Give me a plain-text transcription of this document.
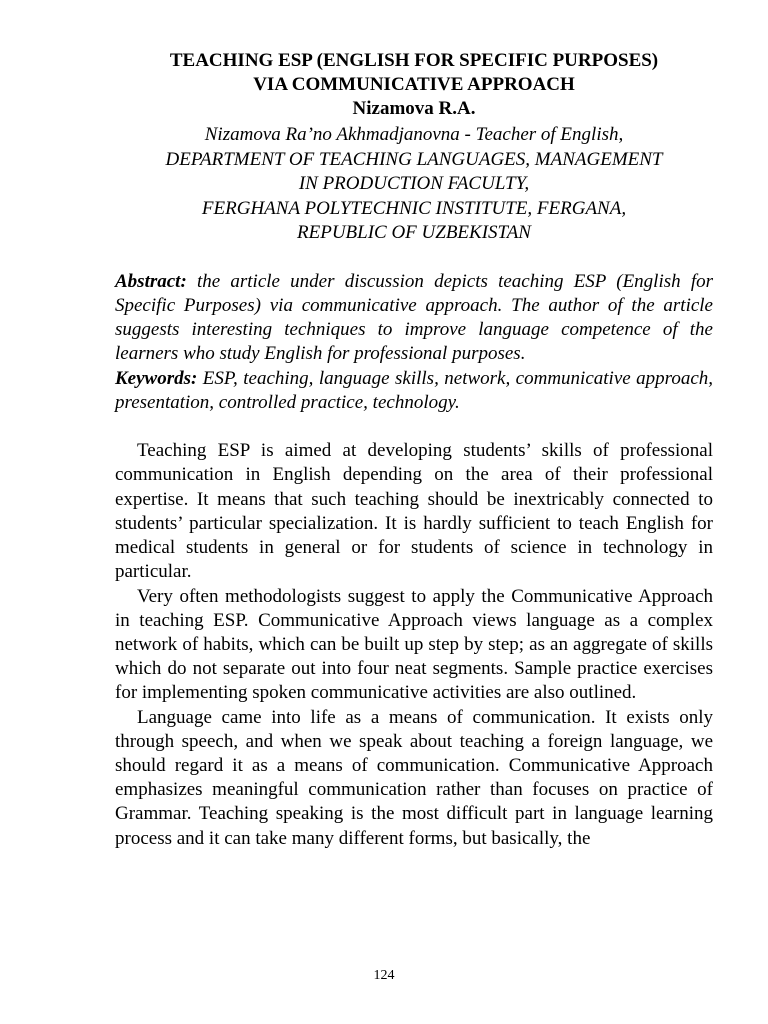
TEACHING ESP (ENGLISH FOR SPECIFIC PURPOSES)
VIA COMMUNICATIVE APPROACH
Nizamova R.A.
Nizamova Ra’no Akhmadjanovna - Teacher of English,
DEPARTMENT OF TEACHING LANGUAGES, MANAGEMENT
IN PRODUCTION FACULTY,
FERGHANA POLYTECHNIC INSTITUTE, FERGANA,
REPUBLIC OF UZBEKISTAN
Abstract: the article under discussion depicts teaching ESP (English for Specific Purposes) via communicative approach. The author of the article suggests interesting techniques to improve language competence of the learners who study English for professional purposes.
Keywords: ESP, teaching, language skills, network, communicative approach, presentation, controlled practice, technology.

Teaching ESP is aimed at developing students’ skills of professional communication in English depending on the area of their professional expertise. It means that such teaching should be inextricably connected to students’ particular specialization. It is hardly sufficient to teach English for medical students in general or for students of science in technology in particular.

Very often methodologists suggest to apply the Communicative Approach in teaching ESP. Communicative Approach views language as a complex network of habits, which can be built up step by step; as an aggregate of skills which do not separate out into four neat segments. Sample practice exercises for implementing spoken communicative activities are also outlined.

Language came into life as a means of communication. It exists only through speech, and when we speak about teaching a foreign language, we should regard it as a means of communication. Communicative Approach emphasizes meaningful communication rather than focuses on practice of Grammar. Teaching speaking is the most difficult part in language learning process and it can take many different forms, but basically, the

124
